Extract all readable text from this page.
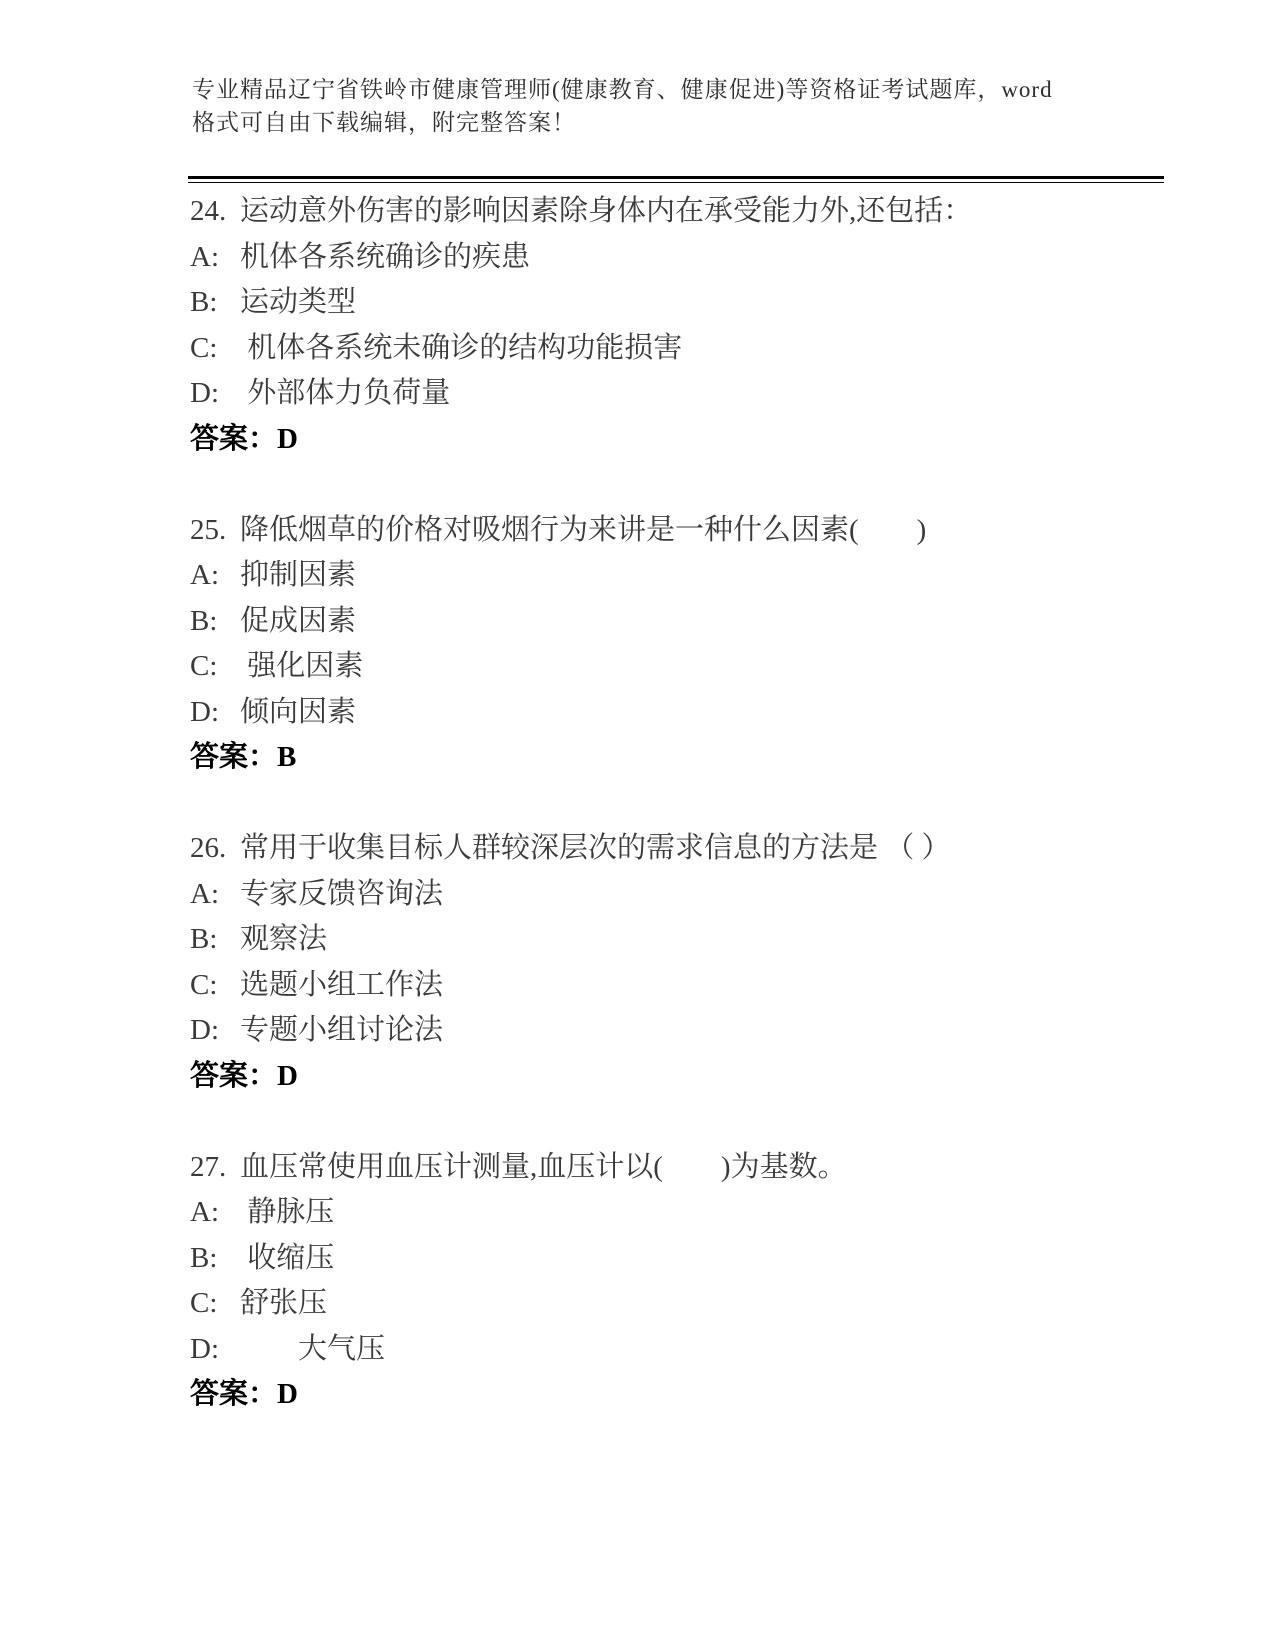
专业精品辽宁省铁岭市健康管理师(健康教育、健康促进)等资格证考试题库，word

格式可自由下载编辑，附完整答案！

24. 运动意外伤害的影响因素除身体内在承受能力外,还包括：

A: 机体各系统确诊的疾患

B: 运动类型

C: 机体各系统未确诊的结构功能损害

D: 外部体力负荷量

答案：D

25. 降低烟草的价格对吸烟行为来讲是一种什么因素(　　)

A: 抑制因素

B: 促成因素

C: 强化因素

D: 倾向因素

答案：B

26. 常用于收集目标人群较深层次的需求信息的方法是 （ ）

A: 专家反馈咨询法

B: 观察法

C: 选题小组工作法

D: 专题小组讨论法

答案：D

27. 血压常使用血压计测量,血压计以(　　)为基数。

A: 静脉压

B: 收缩压

C: 舒张压

D:　　大气压

答案：D
